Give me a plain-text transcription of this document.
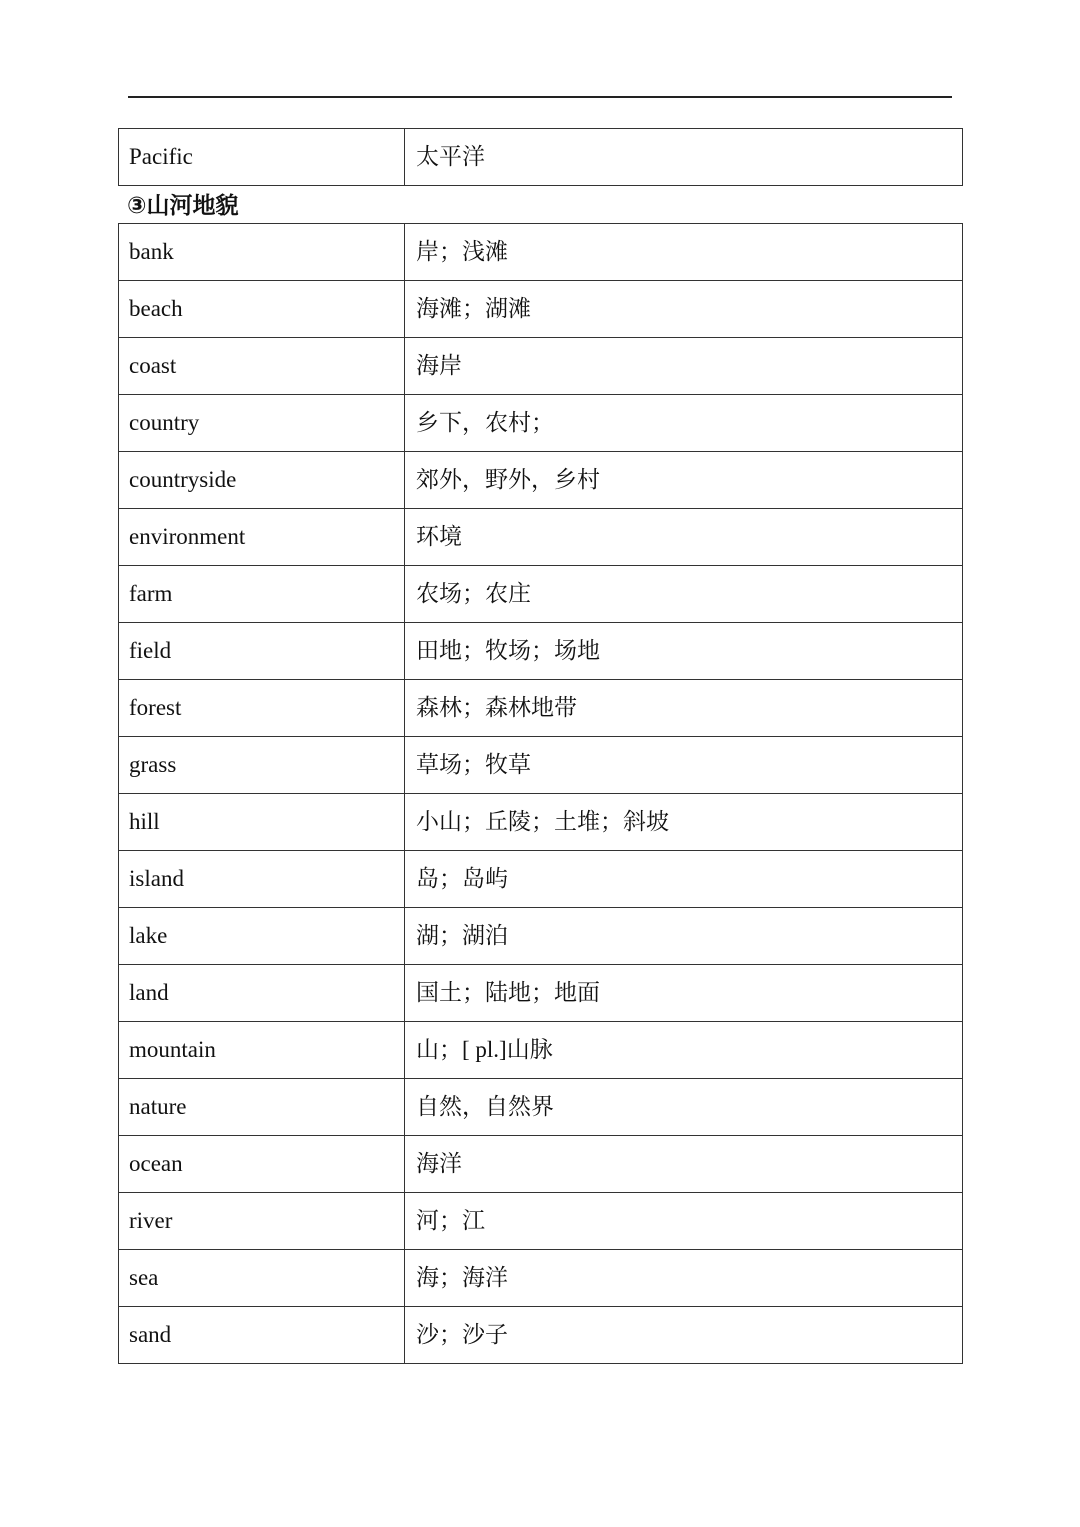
Pacific	太平洋
③山河地貌
bank	岸；浅滩
beach	海滩；湖滩
coast	海岸
country	乡下，农村；
countryside	郊外，野外，乡村
environment	环境
farm	农场；农庄
field	田地；牧场；场地
forest	森林；森林地带
grass	草场；牧草
hill	小山；丘陵；土堆；斜坡
island	岛；岛屿
lake	湖；湖泊
land	国土；陆地；地面
mountain	山；[ pl.]山脉
nature	自然，自然界
ocean	海洋
river	河；江
sea	海；海洋
sand	沙；沙子
